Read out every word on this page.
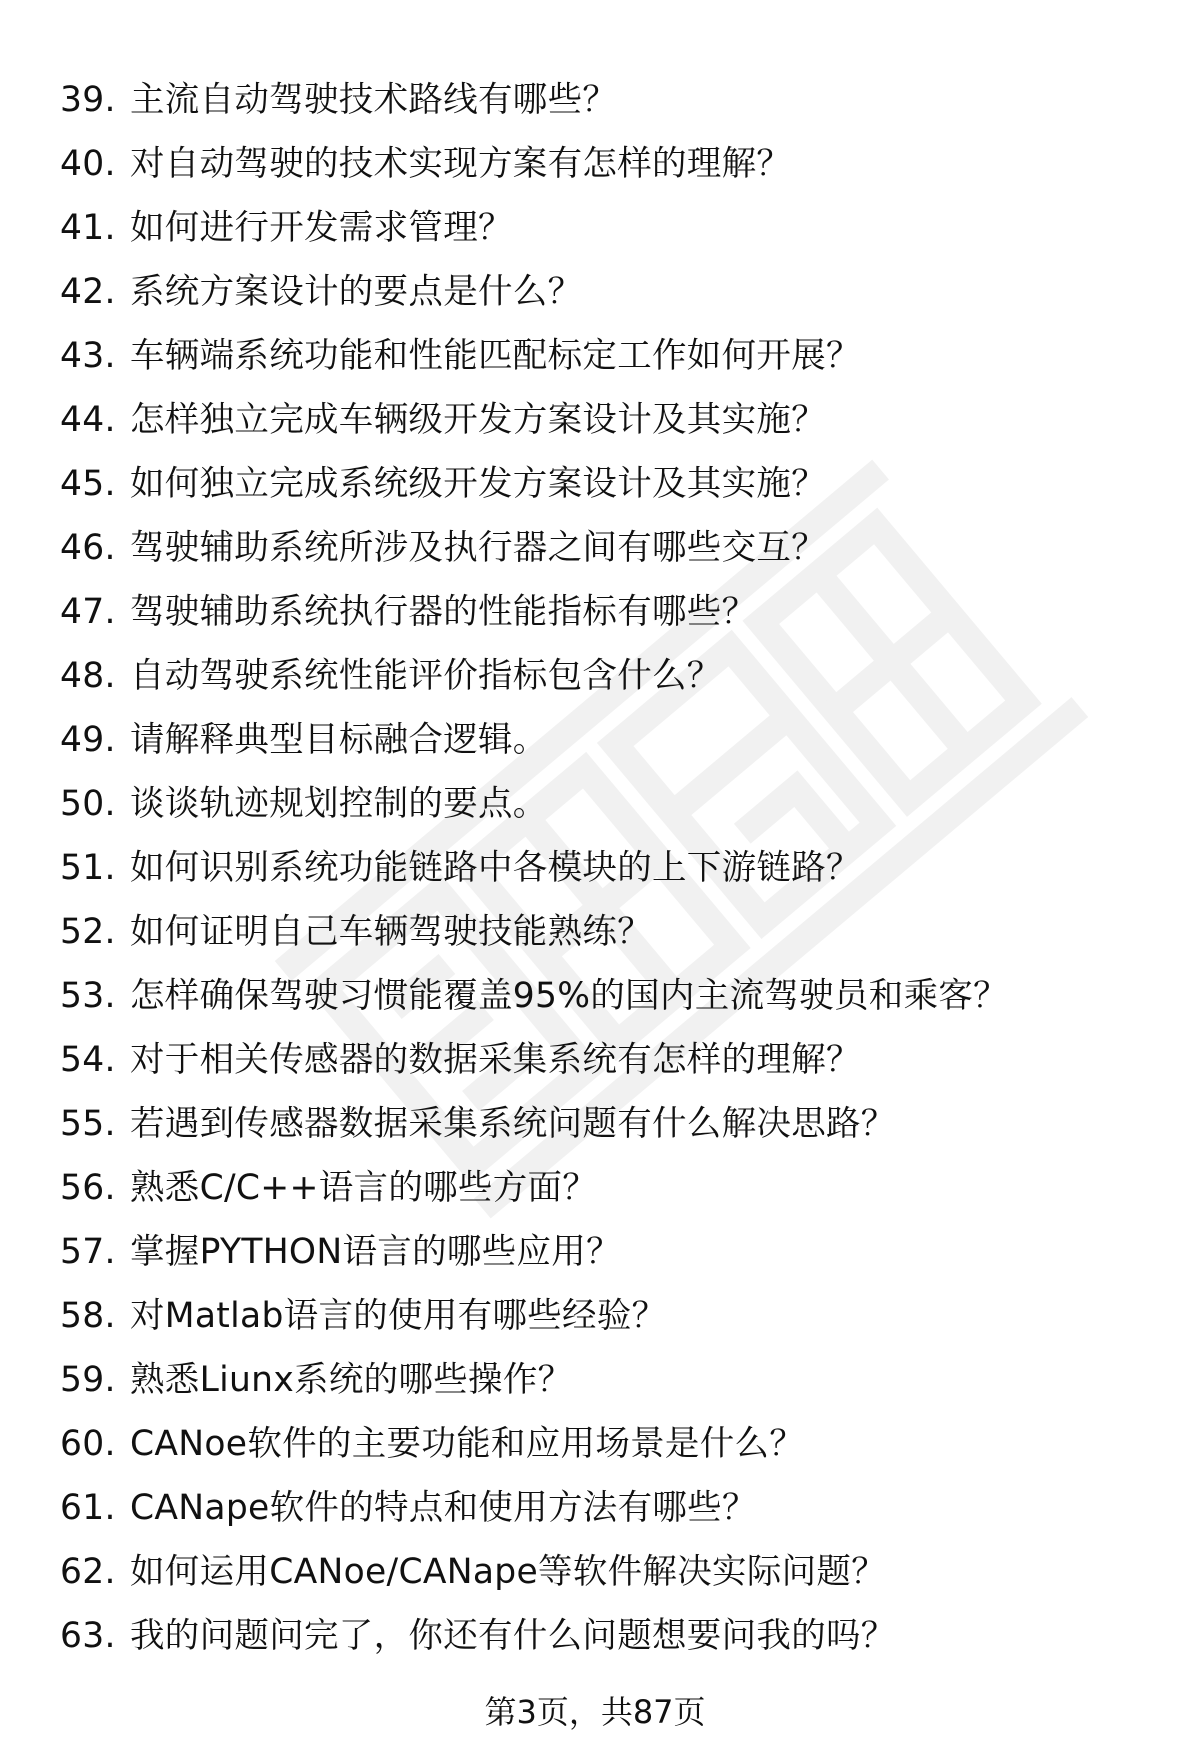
39. 主流自动驾驶技术路线有哪些？
40. 对自动驾驶的技术实现方案有怎样的理解？
41. 如何进行开发需求管理？
42. 系统方案设计的要点是什么？
43. 车辆端系统功能和性能匹配标定工作如何开展？
44. 怎样独立完成车辆级开发方案设计及其实施？
45. 如何独立完成系统级开发方案设计及其实施？
46. 驾驶辅助系统所涉及执行器之间有哪些交互？
47. 驾驶辅助系统执行器的性能指标有哪些？
48. 自动驾驶系统性能评价指标包含什么？
49. 请解释典型目标融合逻辑。
50. 谈谈轨迹规划控制的要点。
51. 如何识别系统功能链路中各模块的上下游链路？
52. 如何证明自己车辆驾驶技能熟练？
53. 怎样确保驾驶习惯能覆盖95%的国内主流驾驶员和乘客？
54. 对于相关传感器的数据采集系统有怎样的理解？
55. 若遇到传感器数据采集系统问题有什么解决思路？
56. 熟悉C/C++语言的哪些方面？
57. 掌握PYTHON语言的哪些应用？
58. 对Matlab语言的使用有哪些经验？
59. 熟悉Liunx系统的哪些操作？
60. CANoe软件的主要功能和应用场景是什么？
61. CANape软件的特点和使用方法有哪些？
62. 如何运用CANoe/CANape等软件解决实际问题？
63. 我的问题问完了，你还有什么问题想要问我的吗？
第3页，共87页
